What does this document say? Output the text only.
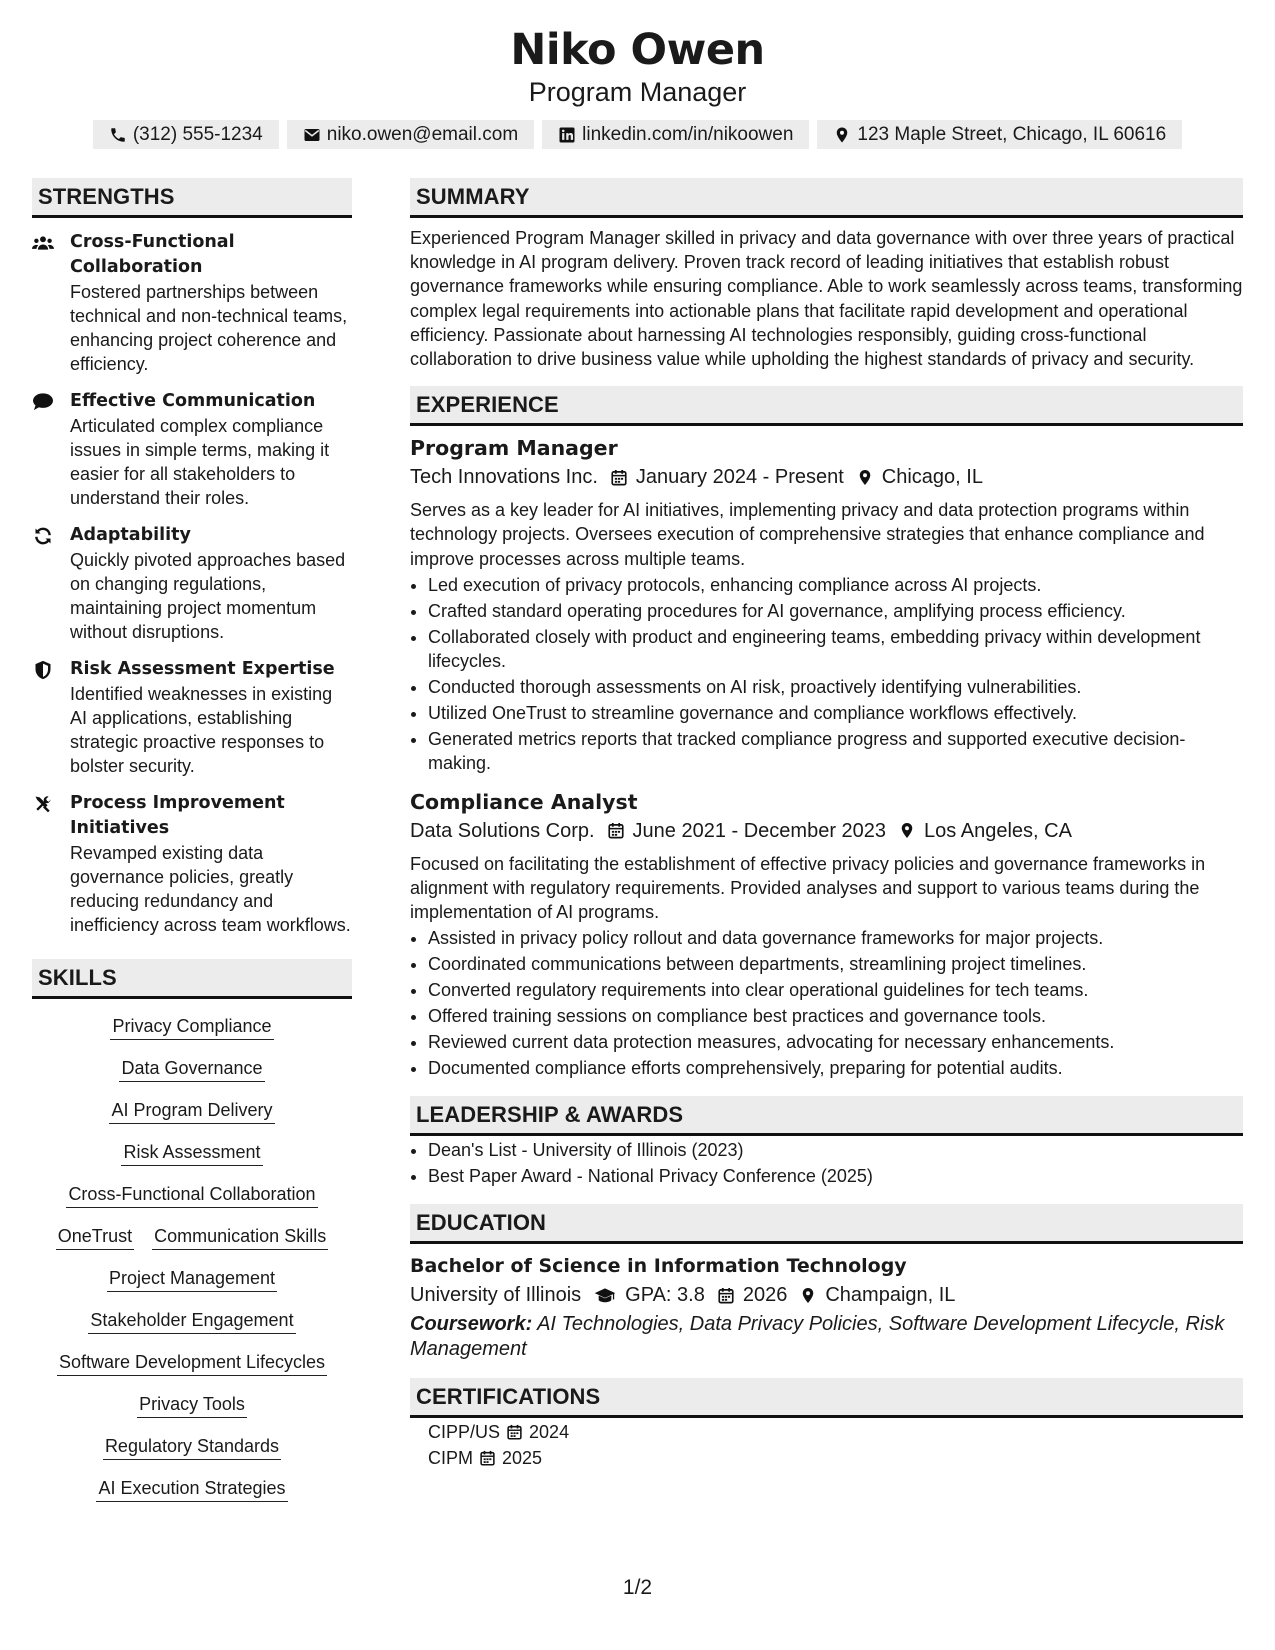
Niko Owen
Program Manager
(312) 555-1234	niko.owen@email.com	linkedin.com/in/nikoowen	123 Maple Street, Chicago, IL 60616
STRENGTHS
Cross-Functional Collaboration
Fostered partnerships between technical and non-technical teams, enhancing project coherence and efficiency.
Effective Communication
Articulated complex compliance issues in simple terms, making it easier for all stakeholders to understand their roles.
Adaptability
Quickly pivoted approaches based on changing regulations, maintaining project momentum without disruptions.
Risk Assessment Expertise
Identified weaknesses in existing AI applications, establishing strategic proactive responses to bolster security.
Process Improvement Initiatives
Revamped existing data governance policies, greatly reducing redundancy and inefficiency across team workflows.
SKILLS
Privacy Compliance
Data Governance
AI Program Delivery
Risk Assessment
Cross-Functional Collaboration
OneTrust Communication Skills
Project Management
Stakeholder Engagement
Software Development Lifecycles
Privacy Tools
Regulatory Standards
AI Execution Strategies
SUMMARY
Experienced Program Manager skilled in privacy and data governance with over three years of practical knowledge in AI program delivery. Proven track record of leading initiatives that establish robust governance frameworks while ensuring compliance. Able to work seamlessly across teams, transforming complex legal requirements into actionable plans that facilitate rapid development and operational efficiency. Passionate about harnessing AI technologies responsibly, guiding cross-functional collaboration to drive business value while upholding the highest standards of privacy and security.
EXPERIENCE
Program Manager
Tech Innovations Inc. January 2024 - Present Chicago, IL
Serves as a key leader for AI initiatives, implementing privacy and data protection programs within technology projects. Oversees execution of comprehensive strategies that enhance compliance and improve processes across multiple teams.
• Led execution of privacy protocols, enhancing compliance across AI projects.
• Crafted standard operating procedures for AI governance, amplifying process efficiency.
• Collaborated closely with product and engineering teams, embedding privacy within development lifecycles.
• Conducted thorough assessments on AI risk, proactively identifying vulnerabilities.
• Utilized OneTrust to streamline governance and compliance workflows effectively.
• Generated metrics reports that tracked compliance progress and supported executive decision-making.
Compliance Analyst
Data Solutions Corp. June 2021 - December 2023 Los Angeles, CA
Focused on facilitating the establishment of effective privacy policies and governance frameworks in alignment with regulatory requirements. Provided analyses and support to various teams during the implementation of AI programs.
• Assisted in privacy policy rollout and data governance frameworks for major projects.
• Coordinated communications between departments, streamlining project timelines.
• Converted regulatory requirements into clear operational guidelines for tech teams.
• Offered training sessions on compliance best practices and governance tools.
• Reviewed current data protection measures, advocating for necessary enhancements.
• Documented compliance efforts comprehensively, preparing for potential audits.
LEADERSHIP & AWARDS
• Dean's List - University of Illinois (2023)
• Best Paper Award - National Privacy Conference (2025)
EDUCATION
Bachelor of Science in Information Technology
University of Illinois GPA: 3.8 2026 Champaign, IL
Coursework: AI Technologies, Data Privacy Policies, Software Development Lifecycle, Risk Management
CERTIFICATIONS
CIPP/US 2024
CIPM 2025
1/2
